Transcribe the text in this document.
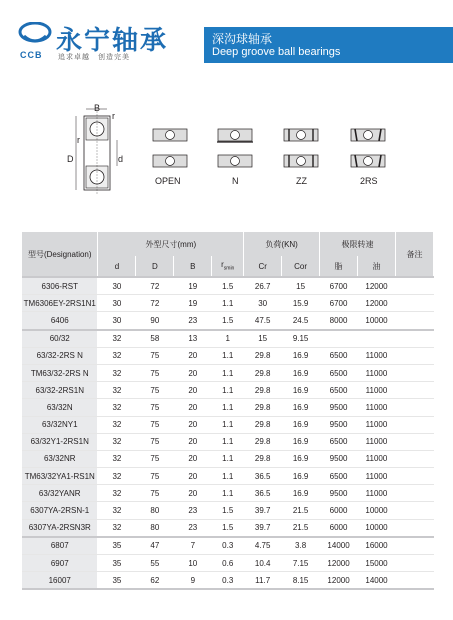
永宁轴承
CCB 追求卓越　创造完美
深沟球轴承
Deep groove ball bearings
B
r
r
D	d
OPEN	N	ZZ	2RS
型号(Designation)	外型尺寸(mm)				负荷(KN)		极限转速		备注
	d	D	B	$r_{smin}$	Cr	Cor	脂	油	
6306-RST	30	72	19	1.5	26.7	15	6700	12000	
TM6306EY-2RS1N1	30	72	19	1.1	30	15.9	6700	12000	
6406	30	90	23	1.5	47.5	24.5	8000	10000	
60/32	32	58	13	1	15	9.15			
63/32-2RS N	32	75	20	1.1	29.8	16.9	6500	11000	
TM63/32-2RS N	32	75	20	1.1	29.8	16.9	6500	11000	
63/32-2RS1N	32	75	20	1.1	29.8	16.9	6500	11000	
63/32N	32	75	20	1.1	29.8	16.9	9500	11000	
63/32NY1	32	75	20	1.1	29.8	16.9	9500	11000	
63/32Y1-2RS1N	32	75	20	1.1	29.8	16.9	6500	11000	
63/32NR	32	75	20	1.1	29.8	16.9	9500	11000	
TM63/32YA1-RS1N	32	75	20	1.1	36.5	16.9	6500	11000	
63/32YANR	32	75	20	1.1	36.5	16.9	9500	11000	
6307YA-2RSN-1	32	80	23	1.5	39.7	21.5	6000	10000	
6307YA-2RSN3R	32	80	23	1.5	39.7	21.5	6000	10000	
6807	35	47	7	0.3	4.75	3.8	14000	16000	
6907	35	55	10	0.6	10.4	7.15	12000	15000	
16007	35	62	9	0.3	11.7	8.15	12000	14000	
